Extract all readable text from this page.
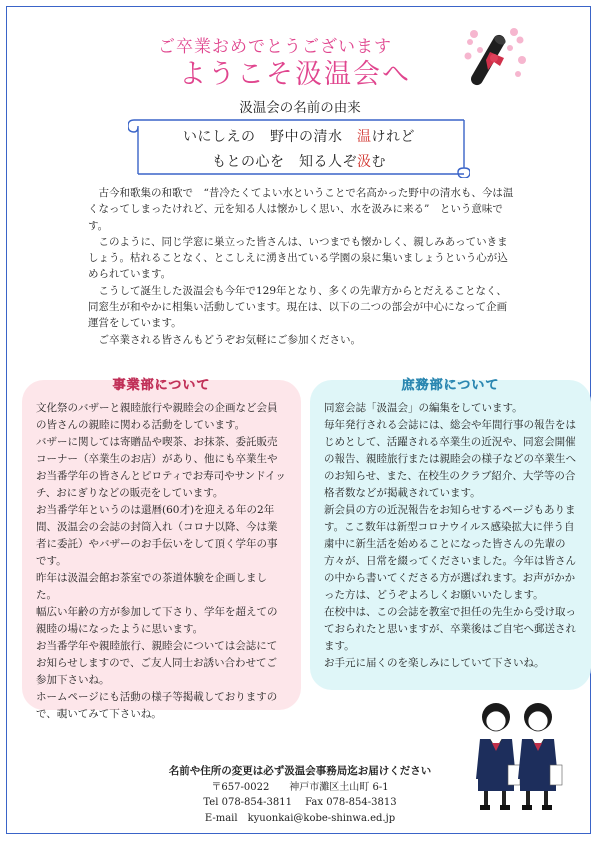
ご卒業おめでとうございます
ようこそ汲温会へ
汲温会の名前の由来
いにしえの　野中の清水　温けれど
もとの心を　知る人ぞ汲む

古今和歌集の和歌で　“昔冷たくてよい水ということで名高かった野中の清水も、今は温くなってしまったけれど、元を知る人は懐かしく思い、水を汲みに来る”　という意味です。

このように、同じ学窓に巣立った皆さんは、いつまでも懐かしく、親しみあっていきましょう。枯れることなく、とこしえに湧き出ている学園の泉に集いましょうという心が込められています。

こうして誕生した汲温会も今年で129年となり、多くの先輩方からとだえることなく、同窓生が和やかに相集い活動しています。現在は、以下の二つの部会が中心になって企画運営をしています。

ご卒業される皆さんもどうぞお気軽にご参加ください。

事業部について

文化祭のバザーと親睦旅行や親睦会の企画など会員の皆さんの親睦に関わる活動をしています。

バザーに関しては寄贈品や喫茶、お抹茶、委託販売コーナー（卒業生のお店）があり、他にも卒業生やお当番学年の皆さんとピロティでお寿司やサンドイッチ、おにぎりなどの販売をしています。

お当番学年というのは還暦(60才)を迎える年の2年間、汲温会の会誌の封筒入れ（コロナ以降、今は業者に委託）やバザーのお手伝いをして頂く学年の事です。

昨年は汲温会館お茶室での茶道体験を企画しました。

幅広い年齢の方が参加して下さり、学年を超えての親睦の場になったように思います。

お当番学年や親睦旅行、親睦会については会誌にてお知らせしますので、ご友人同士お誘い合わせてご参加下さいね。

ホームページにも活動の様子等掲載しておりますので、覗いてみて下さいね。

庶務部について

同窓会誌「汲温会」の編集をしています。

毎年発行される会誌には、総会や年間行事の報告をはじめとして、活躍される卒業生の近況や、同窓会開催の報告、親睦旅行または親睦会の様子などの卒業生へのお知らせ、また、在校生のクラブ紹介、大学等の合格者数などが掲載されています。

新会員の方の近況報告をお知らせするページもあります。ここ数年は新型コロナウイルス感染拡大に伴う自粛中に新生活を始めることになった皆さんの先輩の方々が、日常を綴ってくださいました。今年は皆さんの中から書いてくださる方が選ばれます。お声がかかった方は、どうぞよろしくお願いいたします。

在校中は、この会誌を教室で担任の先生から受け取っておられたと思いますが、卒業後はご自宅へ郵送されます。

お手元に届くのを楽しみにしていて下さいね。

名前や住所の変更は必ず汲温会事務局迄お届けください
〒657-0022　　神戸市灘区土山町 6-1
Tel 078-854-3811　 Fax 078-854-3813
E-mail　kyuonkai@kobe-shinwa.ed.jp
